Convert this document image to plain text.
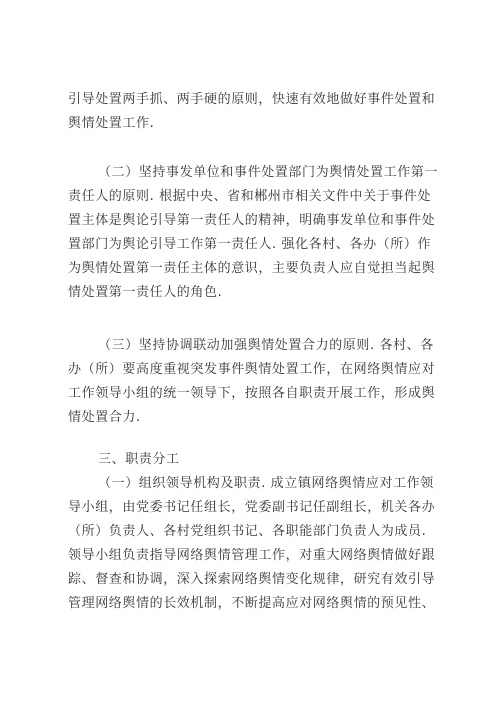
引导处置两手抓、两手硬的原则，快速有效地做好事件处置和
舆情处置工作.
（二）坚持事发单位和事件处置部门为舆情处置工作第一
责任人的原则. 根据中央、省和郴州市相关文件中关于事件处
置主体是舆论引导第一责任人的精神，明确事发单位和事件处
置部门为舆论引导工作第一责任人. 强化各村、各办（所）作
为舆情处置第一责任主体的意识，主要负责人应自觉担当起舆
情处置第一责任人的角色.
（三）坚持协调联动加强舆情处置合力的原则. 各村、各
办（所）要高度重视突发事件舆情处置工作，在网络舆情应对
工作领导小组的统一领导下，按照各自职责开展工作，形成舆
情处置合力.
三、职责分工
（一）组织领导机构及职责. 成立镇网络舆情应对工作领
导小组，由党委书记任组长，党委副书记任副组长，机关各办
（所）负责人、各村党组织书记、各职能部门负责人为成员.
领导小组负责指导网络舆情管理工作，对重大网络舆情做好跟
踪、督查和协调，深入探索网络舆情变化规律，研究有效引导
管理网络舆情的长效机制，不断提高应对网络舆情的预见性、
